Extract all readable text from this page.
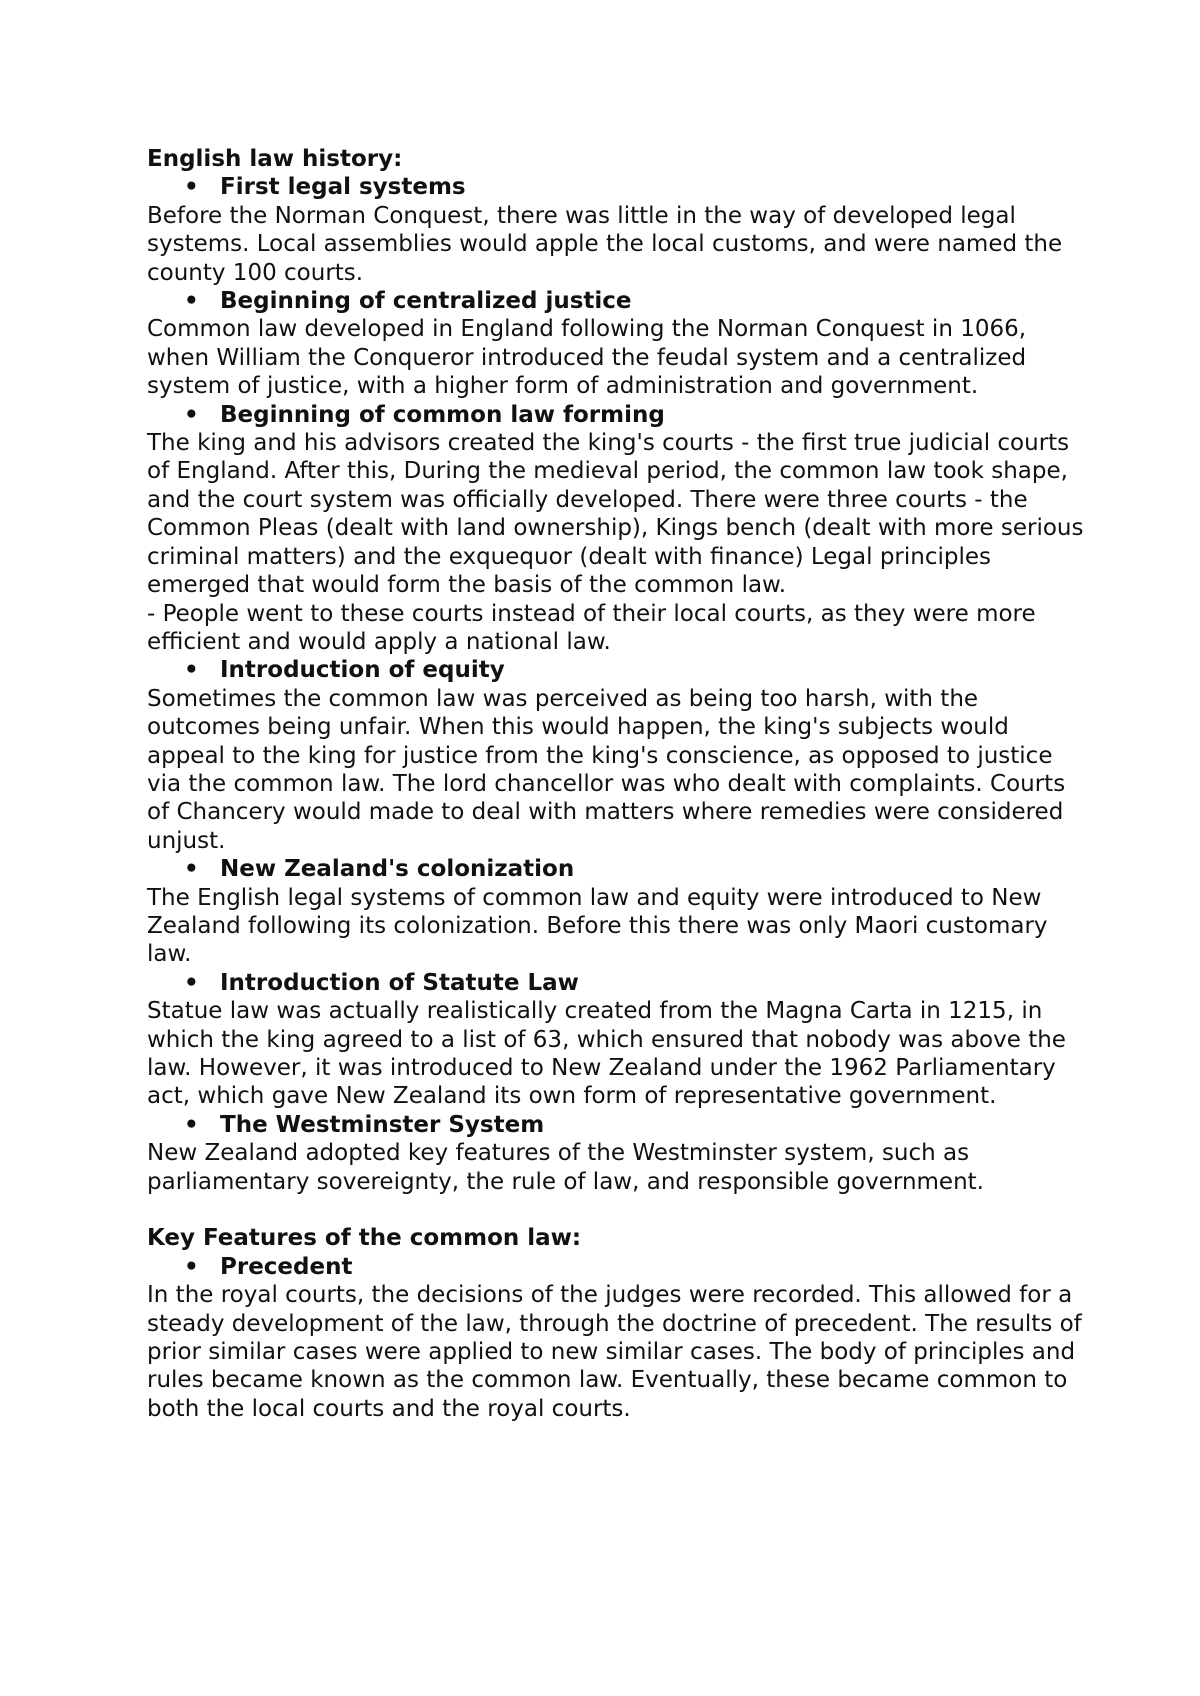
English law history:

• First legal systems

Before the Norman Conquest, there was little in the way of developed legal systems. Local assemblies would apple the local customs, and were named the county 100 courts.

• Beginning of centralized justice

Common law developed in England following the Norman Conquest in 1066, when William the Conqueror introduced the feudal system and a centralized system of justice, with a higher form of administration and government.

• Beginning of common law forming

The king and his advisors created the king's courts - the first true judicial courts of England. After this, During the medieval period, the common law took shape, and the court system was officially developed. There were three courts - the Common Pleas (dealt with land ownership), Kings bench (dealt with more serious criminal matters) and the exquequor (dealt with finance) Legal principles emerged that would form the basis of the common law.

- People went to these courts instead of their local courts, as they were more efficient and would apply a national law.

• Introduction of equity

Sometimes the common law was perceived as being too harsh, with the outcomes being unfair. When this would happen, the king's subjects would appeal to the king for justice from the king's conscience, as opposed to justice via the common law. The lord chancellor was who dealt with complaints. Courts of Chancery would made to deal with matters where remedies were considered unjust.

• New Zealand's colonization

The English legal systems of common law and equity were introduced to New Zealand following its colonization. Before this there was only Maori customary law.

• Introduction of Statute Law

Statue law was actually realistically created from the Magna Carta in 1215, in which the king agreed to a list of 63, which ensured that nobody was above the law. However, it was introduced to New Zealand under the 1962 Parliamentary act, which gave New Zealand its own form of representative government.

• The Westminster System

New Zealand adopted key features of the Westminster system, such as parliamentary sovereignty, the rule of law, and responsible government.

Key Features of the common law:

• Precedent

In the royal courts, the decisions of the judges were recorded. This allowed for a steady development of the law, through the doctrine of precedent. The results of prior similar cases were applied to new similar cases. The body of principles and rules became known as the common law. Eventually, these became common to both the local courts and the royal courts.
